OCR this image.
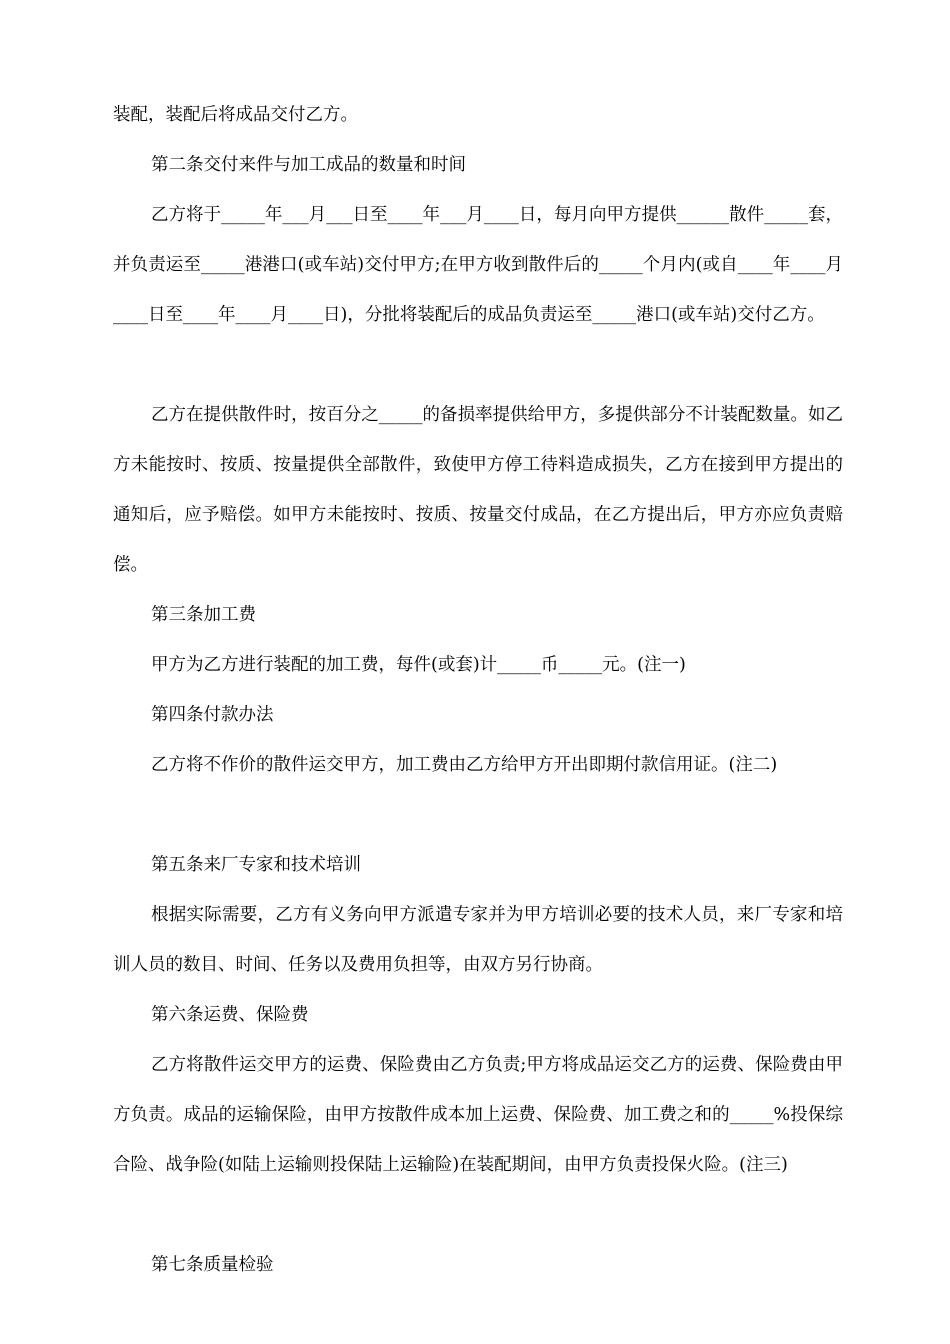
装配，装配后将成品交付乙方。

第二条交付来件与加工成品的数量和时间

乙方将于_____年___月___日至____年___月____日，每月向甲方提供______散件_____套，并负责运至_____港港口(或车站)交付甲方;在甲方收到散件后的_____个月内(或自____年____月____日至____年____月____日)，分批将装配后的成品负责运至_____港口(或车站)交付乙方。

乙方在提供散件时，按百分之_____的备损率提供给甲方，多提供部分不计装配数量。如乙方未能按时、按质、按量提供全部散件，致使甲方停工待料造成损失，乙方在接到甲方提出的通知后，应予赔偿。如甲方未能按时、按质、按量交付成品，在乙方提出后，甲方亦应负责赔偿。

第三条加工费

甲方为乙方进行装配的加工费，每件(或套)计_____币_____元。(注一)

第四条付款办法

乙方将不作价的散件运交甲方，加工费由乙方给甲方开出即期付款信用证。(注二)

第五条来厂专家和技术培训

根据实际需要，乙方有义务向甲方派遣专家并为甲方培训必要的技术人员，来厂专家和培训人员的数目、时间、任务以及费用负担等，由双方另行协商。

第六条运费、保险费

乙方将散件运交甲方的运费、保险费由乙方负责;甲方将成品运交乙方的运费、保险费由甲方负责。成品的运输保险，由甲方按散件成本加上运费、保险费、加工费之和的_____%投保综合险、战争险(如陆上运输则投保陆上运输险)在装配期间，由甲方负责投保火险。(注三)

第七条质量检验
